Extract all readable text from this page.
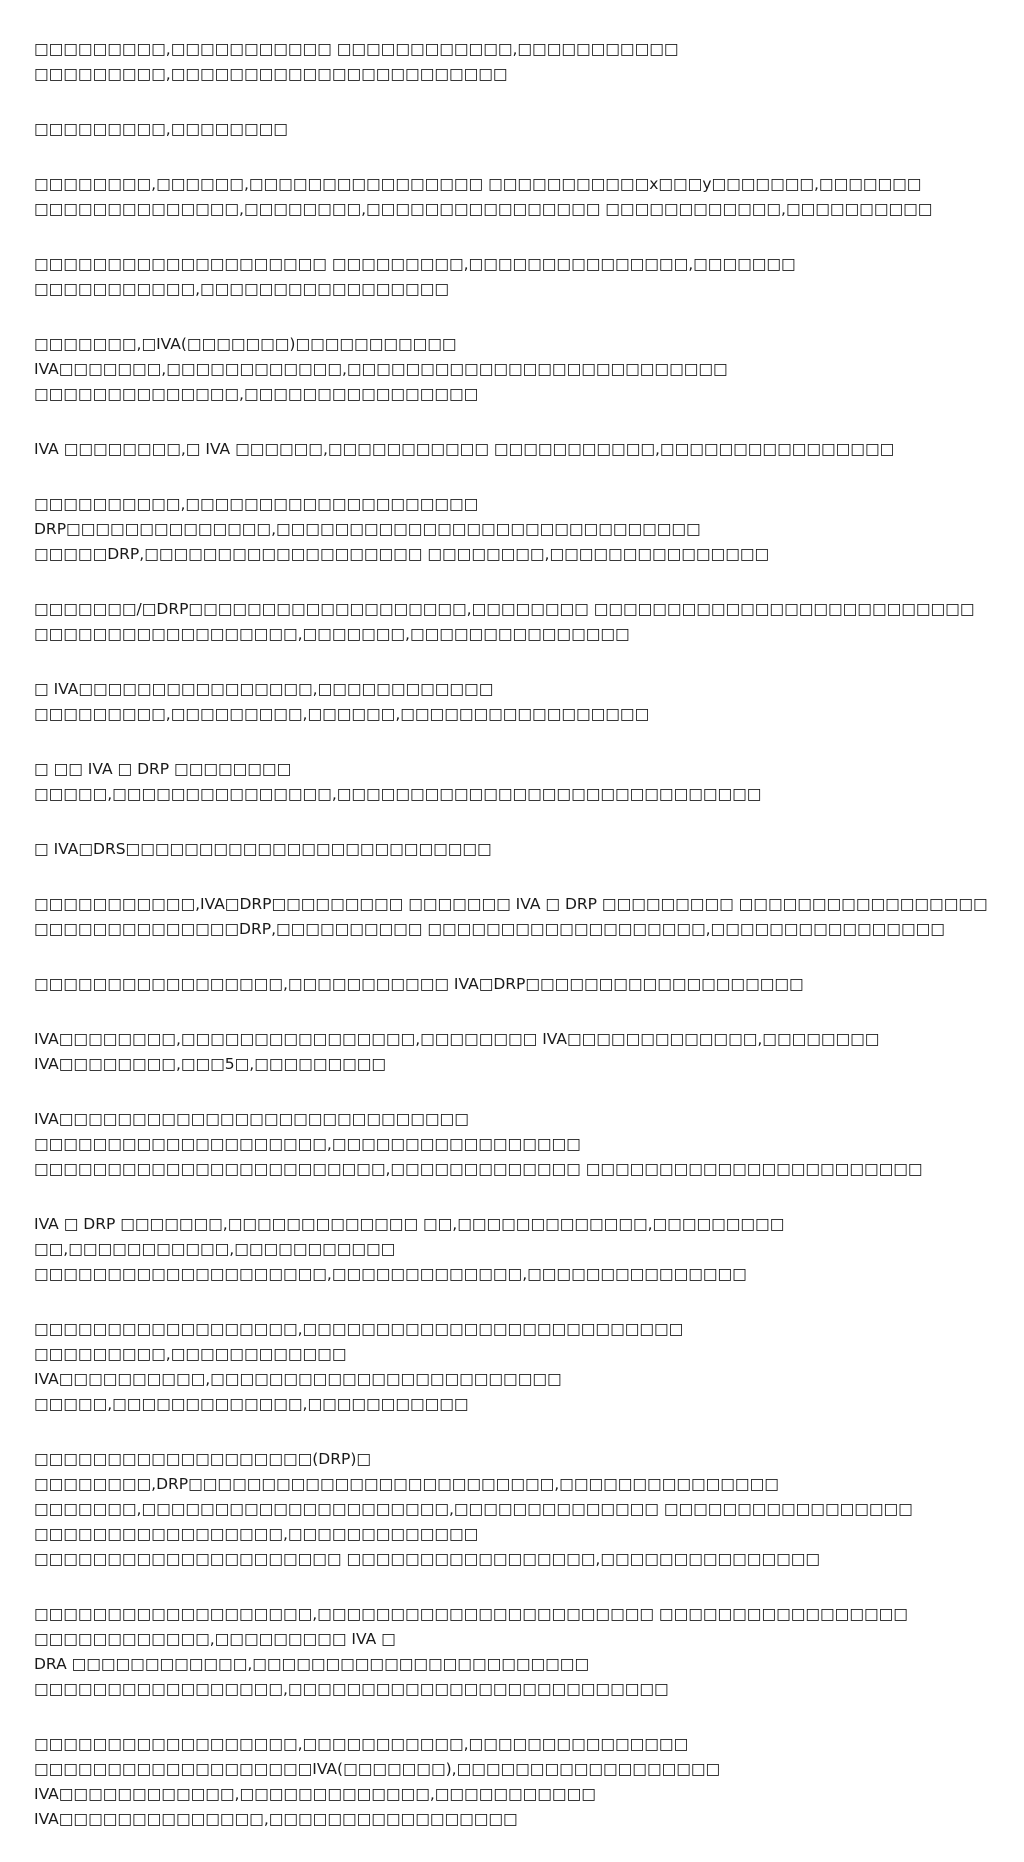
□□□□□□□□□,□□□□□□□□□□□ □□□□□□□□□□□□,□□□□□□□□□□□ □□□□□□□□□,□□□□□□□□□□□□□□□□□□□□□□□

□□□□□□□□□,□□□□□□□□

□□□□□□□□,□□□□□□,□□□□□□□□□□□□□□□□ □□□□□□□□□□□x□□□y□□□□□□□,□□□□□□□
□□□□□□□□□□□□□□,□□□□□□□□,□□□□□□□□□□□□□□□□ □□□□□□□□□□□□,□□□□□□□□□□

□□□□□□□□□□□□□□□□□□□□ □□□□□□□□□,□□□□□□□□□□□□□□□,□□□□□□□ □□□□□□□□□□□,□□□□□□□□□□□□□□□□□

□□□□□□□,□IVA(□□□□□□□)□□□□□□□□□□□ IVA□□□□□□□,□□□□□□□□□□□□,□□□□□□□□□□□□□□□□□□□□□□□□□□
□□□□□□□□□□□□□□,□□□□□□□□□□□□□□□□

IVA □□□□□□□□,□ IVA □□□□□□,□□□□□□□□□□□ □□□□□□□□□□□,□□□□□□□□□□□□□□□□

□□□□□□□□□□,□□□□□□□□□□□□□□□□□□□□ DRP□□□□□□□□□□□□□□,□□□□□□□□□□□□□□□□□□□□□□□□□□□□□
□□□□□DRP,□□□□□□□□□□□□□□□□□□□ □□□□□□□□,□□□□□□□□□□□□□□□

□□□□□□□/□DRP□□□□□□□□□□□□□□□□□□□,□□□□□□□□ □□□□□□□□□□□□□□□□□□□□□□□□□□
□□□□□□□□□□□□□□□□□□,□□□□□□□,□□□□□□□□□□□□□□□

□ IVA□□□□□□□□□□□□□□□□,□□□□□□□□□□□□ □□□□□□□□□,□□□□□□□□□,□□□□□□,□□□□□□□□□□□□□□□□□

□ □□ IVA □ DRP □□□□□□□□ □□□□□,□□□□□□□□□□□□□□□,□□□□□□□□□□□□□□□□□□□□□□□□□□□□□

□ IVA□DRS□□□□□□□□□□□□□□□□□□□□□□□□□

□□□□□□□□□□□,IVA□DRP□□□□□□□□□ □□□□□□□ IVA □ DRP □□□□□□□□□ □□□□□□□□□□□□□□□□□
□□□□□□□□□□□□□□DRP,□□□□□□□□□□ □□□□□□□□□□□□□□□□□□□,□□□□□□□□□□□□□□□□

□□□□□□□□□□□□□□□□□,□□□□□□□□□□□ IVA□DRP□□□□□□□□□□□□□□□□□□□

IVA□□□□□□□□,□□□□□□□□□□□□□□□□,□□□□□□□□ IVA□□□□□□□□□□□□□,□□□□□□□□ IVA□□□□□□□□,□□□5□,□□□□□□□□□

IVA□□□□□□□□□□□□□□□□□□□□□□□□□□□□ □□□□□□□□□□□□□□□□□□□□,□□□□□□□□□□□□□□□□□
□□□□□□□□□□□□□□□□□□□□□□□□,□□□□□□□□□□□□□ □□□□□□□□□□□□□□□□□□□□□□□

IVA □ DRP □□□□□□□,□□□□□□□□□□□□□ □□,□□□□□□□□□□□□□,□□□□□□□□□ □□,□□□□□□□□□□□,□□□□□□□□□□□
□□□□□□□□□□□□□□□□□□□□,□□□□□□□□□□□□□,□□□□□□□□□□□□□□□

□□□□□□□□□□□□□□□□□□,□□□□□□□□□□□□□□□□□□□□□□□□□□ □□□□□□□□□,□□□□□□□□□□□□
IVA□□□□□□□□□□,□□□□□□□□□□□□□□□□□□□□□□□□ □□□□□,□□□□□□□□□□□□□,□□□□□□□□□□□

□□□□□□□□□□□□□□□□□□□(DRP)□ □□□□□□□□,DRP□□□□□□□□□□□□□□□□□□□□□□□□□,□□□□□□□□□□□□□□□
□□□□□□□,□□□□□□□□□□□□□□□□□□□□□,□□□□□□□□□□□□□□ □□□□□□□□□□□□□□□□□ □□□□□□□□□□□□□□□□□,□□□□□□□□□□□□□
□□□□□□□□□□□□□□□□□□□□□ □□□□□□□□□□□□□□□□□,□□□□□□□□□□□□□□□

□□□□□□□□□□□□□□□□□□□,□□□□□□□□□□□□□□□□□□□□□□□ □□□□□□□□□□□□□□□□□ □□□□□□□□□□□□,□□□□□□□□□ IVA □
DRA □□□□□□□□□□□□,□□□□□□□□□□□□□□□□□□□□□□□ □□□□□□□□□□□□□□□□□,□□□□□□□□□□□□□□□□□□□□□□□□□□

□□□□□□□□□□□□□□□□□□,□□□□□□□□□□□,□□□□□□□□□□□□□□□ □□□□□□□□□□□□□□□□□□□IVA(□□□□□□□),□□□□□□□□□□□□□□□□□□
IVA□□□□□□□□□□□□,□□□□□□□□□□□□□,□□□□□□□□□□□ IVA□□□□□□□□□□□□□□,□□□□□□□□□□□□□□□□□
